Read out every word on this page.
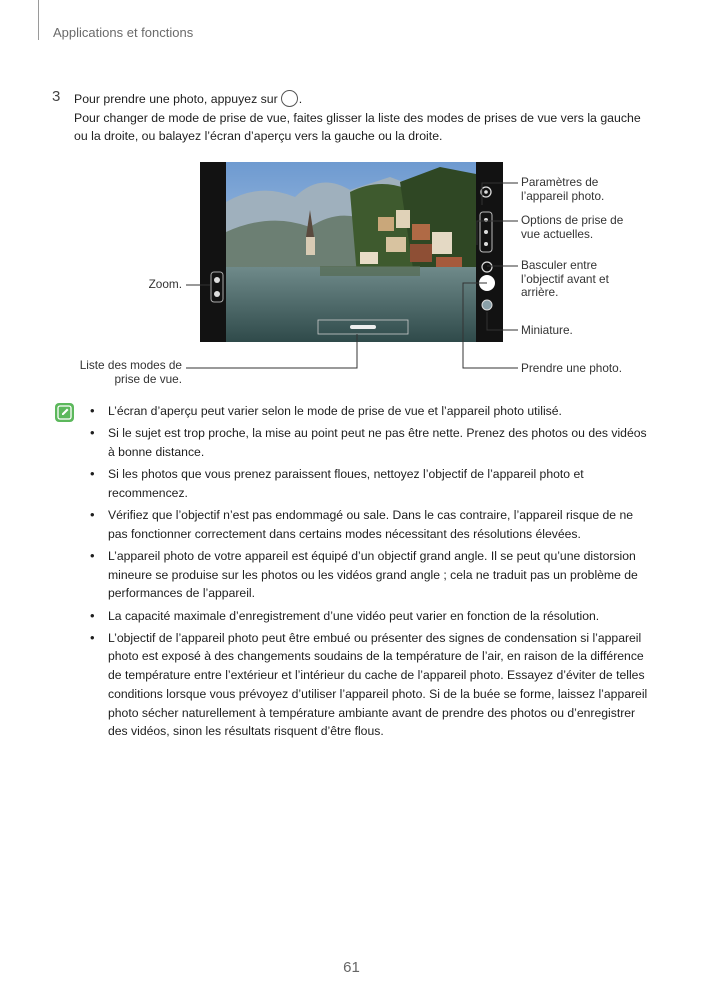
Applications et fonctions
3 Pour prendre une photo, appuyez sur .
Pour changer de mode de prise de vue, faites glisser la liste des modes de prises de vue vers la gauche ou la droite, ou balayez l’écran d’aperçu vers la gauche ou la droite.
Paramètres de l’appareil photo.
Options de prise de vue actuelles.
Basculer entre l’objectif avant et arrière.
Miniature.
Prendre une photo.
Zoom.
Liste des modes de prise de vue.
• L’écran d’aperçu peut varier selon le mode de prise de vue et l’appareil photo utilisé.
• Si le sujet est trop proche, la mise au point peut ne pas être nette. Prenez des photos ou des vidéos à bonne distance.
• Si les photos que vous prenez paraissent floues, nettoyez l’objectif de l’appareil photo et recommencez.
• Vérifiez que l’objectif n’est pas endommagé ou sale. Dans le cas contraire, l’appareil risque de ne pas fonctionner correctement dans certains modes nécessitant des résolutions élevées.
• L’appareil photo de votre appareil est équipé d’un objectif grand angle. Il se peut qu’une distorsion mineure se produise sur les photos ou les vidéos grand angle ; cela ne traduit pas un problème de performances de l’appareil.
• La capacité maximale d’enregistrement d’une vidéo peut varier en fonction de la résolution.
• L’objectif de l’appareil photo peut être embué ou présenter des signes de condensation si l’appareil photo est exposé à des changements soudains de la température de l’air, en raison de la différence de température entre l’extérieur et l’intérieur du cache de l’appareil photo. Essayez d’éviter de telles conditions lorsque vous prévoyez d’utiliser l’appareil photo. Si de la buée se forme, laissez l’appareil photo sécher naturellement à température ambiante avant de prendre des photos ou d’enregistrer des vidéos, sinon les résultats risquent d’être flous.
61
